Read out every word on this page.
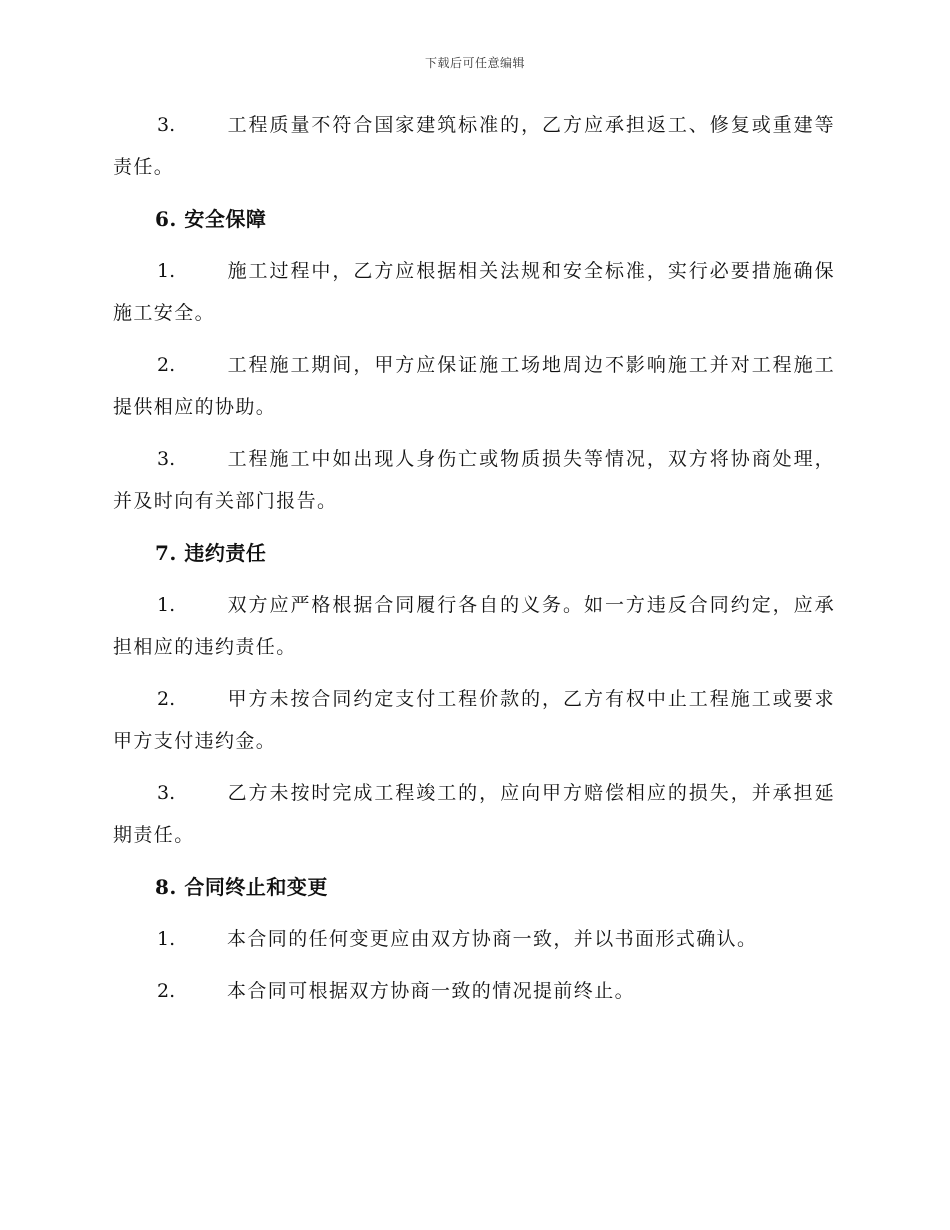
下载后可任意编辑

3.	工程质量不符合国家建筑标准的，乙方应承担返工、修复或重建等责任。

6. 安全保障

1.	施工过程中，乙方应根据相关法规和安全标准，实行必要措施确保施工安全。

2.	工程施工期间，甲方应保证施工场地周边不影响施工并对工程施工提供相应的协助。

3.	工程施工中如出现人身伤亡或物质损失等情况，双方将协商处理，并及时向有关部门报告。

7. 违约责任

1.	双方应严格根据合同履行各自的义务。如一方违反合同约定，应承担相应的违约责任。

2.	甲方未按合同约定支付工程价款的，乙方有权中止工程施工或要求甲方支付违约金。

3.	乙方未按时完成工程竣工的，应向甲方赔偿相应的损失，并承担延期责任。

8. 合同终止和变更

1.	本合同的任何变更应由双方协商一致，并以书面形式确认。

2.	本合同可根据双方协商一致的情况提前终止。
